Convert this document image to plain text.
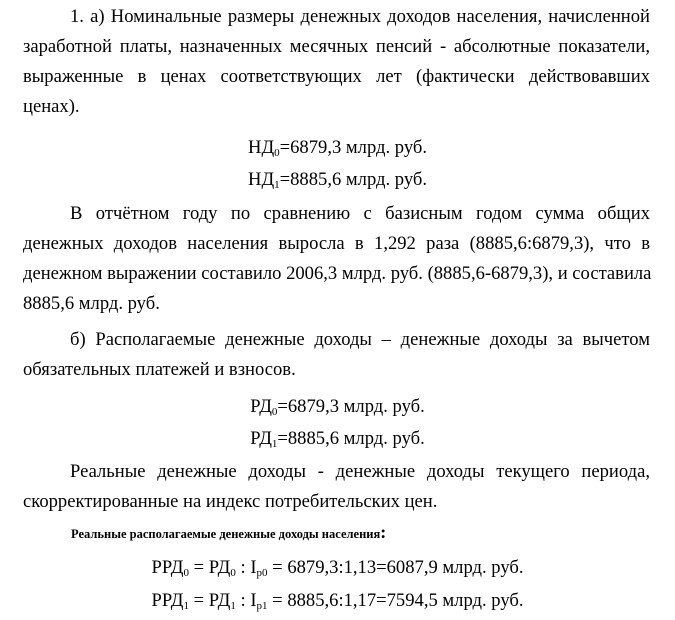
1. а) Номинальные размеры денежных доходов населения, начисленной
заработной платы, назначенных месячных пенсий - абсолютные показатели,
выраженные в ценах соответствующих лет (фактически действовавших
ценах).
$НД_0=6879,3$ млрд. руб.
$НД_1=8885,6$ млрд. руб.
В отчётном году по сравнению с базисным годом сумма общих
денежных доходов населения выросла в 1,292 раза (8885,6:6879,3), что в
денежном выражении составило 2006,3 млрд. руб. (8885,6-6879,3), и составила
8885,6 млрд. руб.
б) Располагаемые денежные доходы – денежные доходы за вычетом
обязательных платежей и взносов.
$РД_0=6879,3$ млрд. руб.
$РД_1=8885,6$ млрд. руб.
Реальные денежные доходы - денежные доходы текущего периода,
скорректированные на индекс потребительских цен.
Реальные располагаемые денежные доходы населения:
$РРД_0 = РД_0$ : $I_{p0}$ = 6879,3:1,13=6087,9 млрд. руб.
$РРД_1 = РД_1$ : $I_{p1}$ = 8885,6:1,17=7594,5 млрд. руб.
